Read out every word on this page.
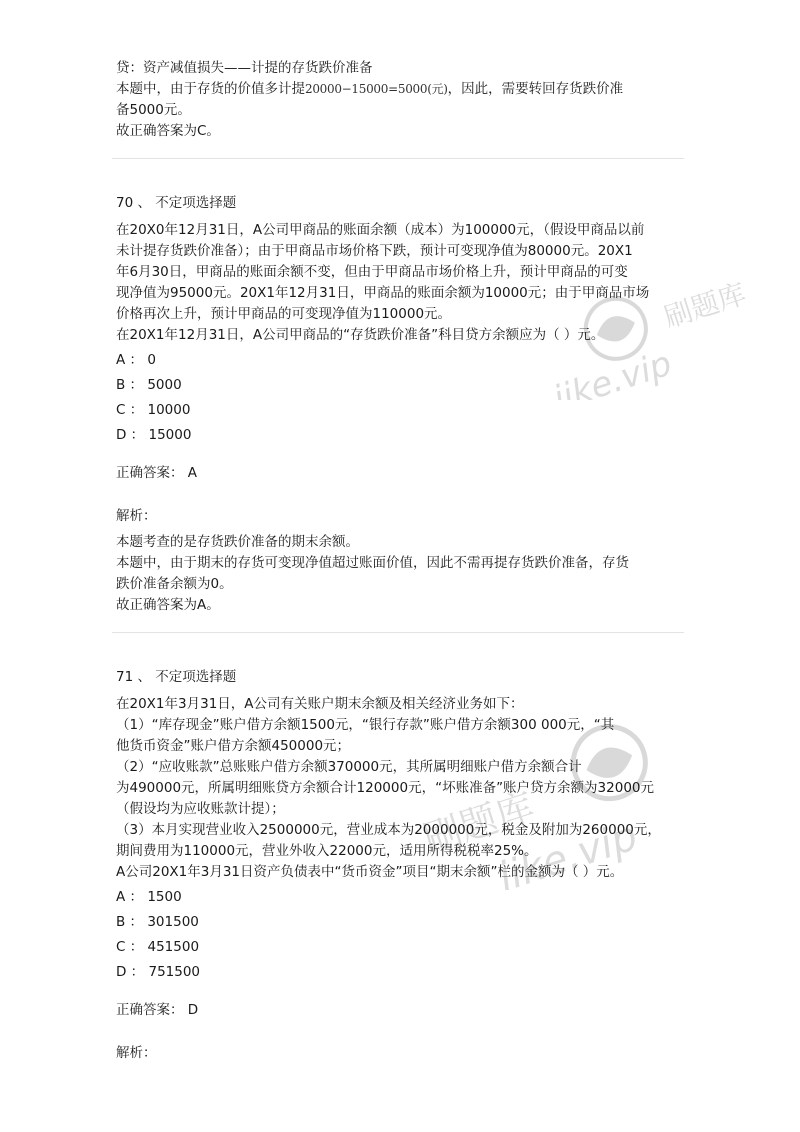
贷：资产减值损失——计提的存货跌价准备

本题中，由于存货的价值多计提20000−15000=5000(元)，因此，需要转回存货跌价准

备5000元。

故正确答案为C。

70 、 不定项选择题

在20X0年12月31日，A公司甲商品的账面余额（成本）为100000元，（假设甲商品以前

未计提存货跌价准备）；由于甲商品市场价格下跌，预计可变现净值为80000元。20X1

年6月30日，甲商品的账面余额不变，但由于甲商品市场价格上升，预计甲商品的可变

现净值为95000元。20X1年12月31日，甲商品的账面余额为10000元；由于甲商品市场

价格再次上升，预计甲商品的可变现净值为110000元。

在20X1年12月31日，A公司甲商品的“存货跌价准备”科目贷方余额应为（ ）元。

A ： 0

B ： 5000

C ： 10000

D ： 15000

正确答案： A

解析：

本题考查的是存货跌价准备的期末余额。

本题中，由于期末的存货可变现净值超过账面价值，因此不需再提存货跌价准备，存货

跌价准备余额为0。

故正确答案为A。

71 、 不定项选择题

在20X1年3月31日，A公司有关账户期末余额及相关经济业务如下：

（1）“库存现金”账户借方余额1500元，“银行存款”账户借方余额300 000元，“其

他货币资金”账户借方余额450000元；

（2）“应收账款”总账账户借方余额370000元，其所属明细账户借方余额合计

为490000元，所属明细账贷方余额合计120000元，“坏账准备”账户贷方余额为32000元

（假设均为应收账款计提）；

（3）本月实现营业收入2500000元，营业成本为2000000元，税金及附加为260000元，

期间费用为110000元，营业外收入22000元，适用所得税税率25%。

A公司20X1年3月31日资产负债表中“货币资金”项目“期末余额”栏的金额为（ ）元。

A ： 1500

B ： 301500

C ： 451500

D ： 751500

正确答案： D

解析：

刷题库
jike.vip
刷题库
jike.vip
